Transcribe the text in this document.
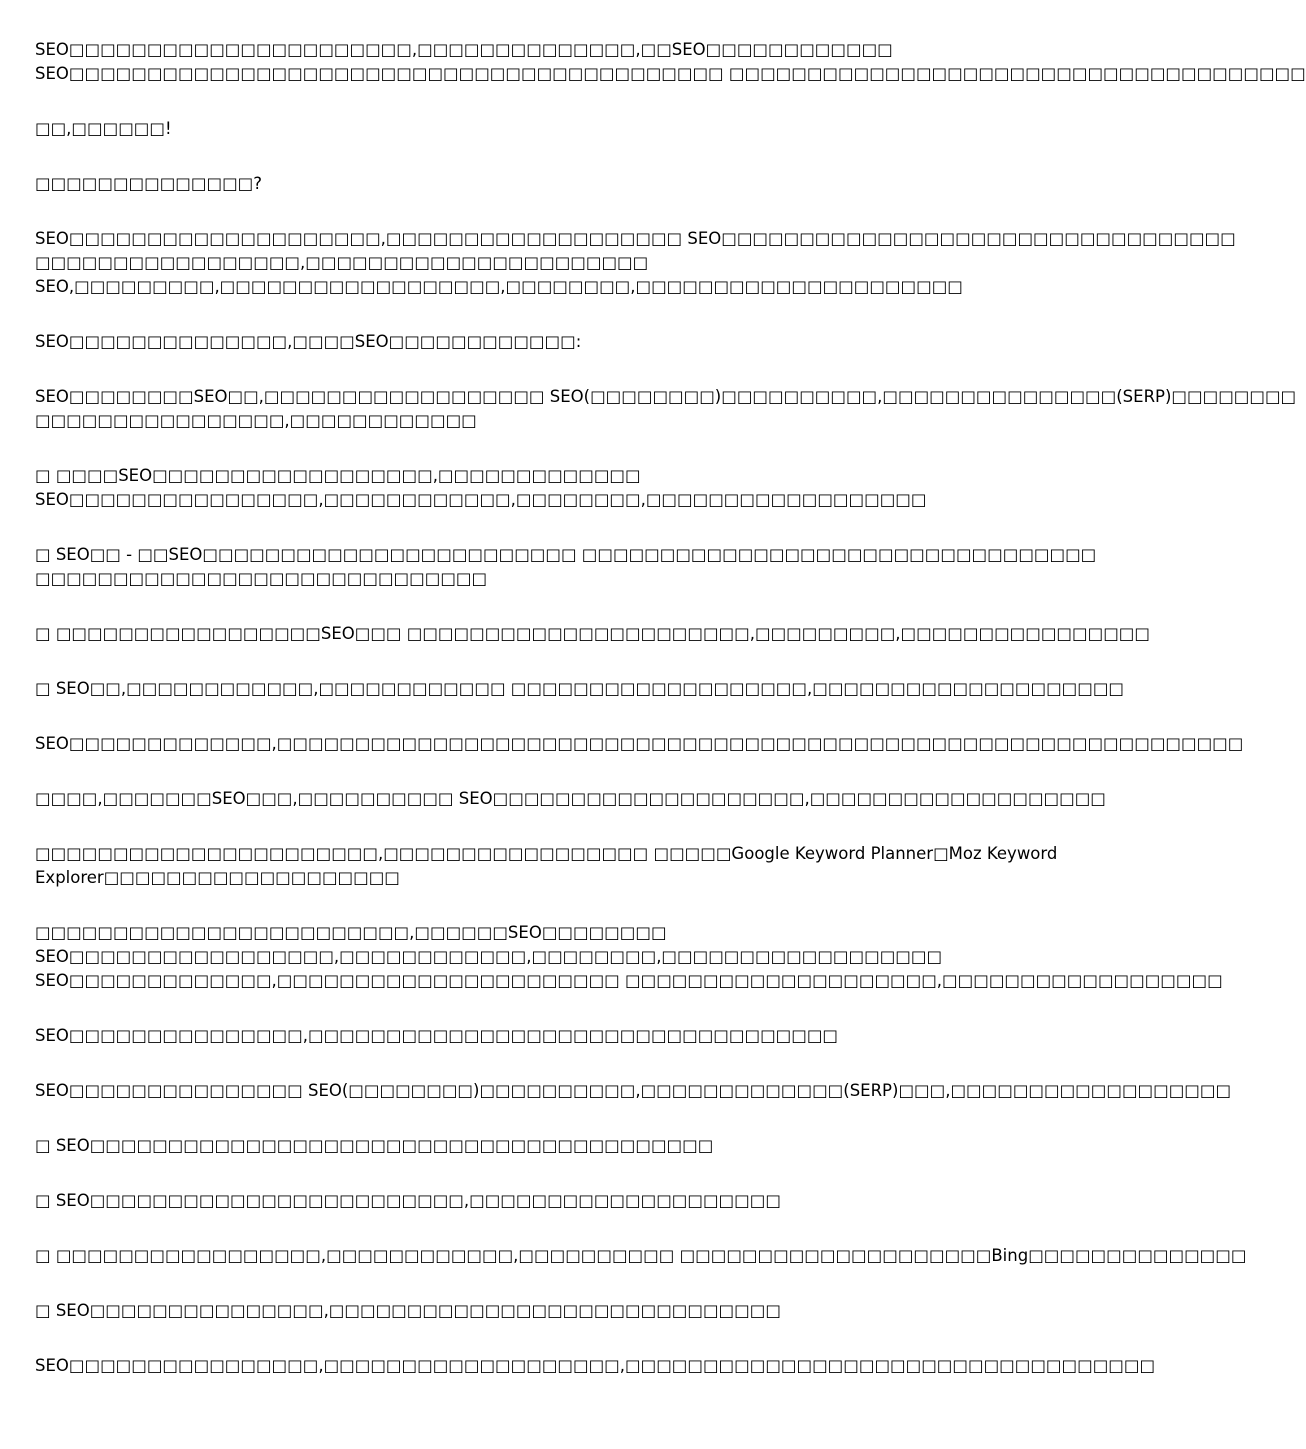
SEO□□□□□□□□□□□□□□□□□□□□□□,□□□□□□□□□□□□□□,□□SEO□□□□□□□□□□□□
SEO□□□□□□□□□□□□□□□□□□□□□□□□□□□□□□□□□□□□□□□□□□ □□□□□□□□□□□□□□□□□□□□□□□□□□□□□□□□□□□□□

□□,□□□□□□!

□□□□□□□□□□□□□□?

SEO□□□□□□□□□□□□□□□□□□□□,□□□□□□□□□□□□□□□□□□□ SEO□□□□□□□□□□□□□□□□□□□□□□□□□□□□□□□□□
□□□□□□□□□□□□□□□□□,□□□□□□□□□□□□□□□□□□□□□□
SEO,□□□□□□□□□,□□□□□□□□□□□□□□□□□□,□□□□□□□□,□□□□□□□□□□□□□□□□□□□□□

SEO□□□□□□□□□□□□□□,□□□□SEO□□□□□□□□□□□□:

SEO□□□□□□□□SEO□□,□□□□□□□□□□□□□□□□□□ SEO(□□□□□□□□)□□□□□□□□□□,□□□□□□□□□□□□□□□(SERP)□□□□□□□□
□□□□□□□□□□□□□□□□,□□□□□□□□□□□□

□ □□□□SEO□□□□□□□□□□□□□□□□□□,□□□□□□□□□□□□□
SEO□□□□□□□□□□□□□□□□,□□□□□□□□□□□□,□□□□□□□□,□□□□□□□□□□□□□□□□□□

□ SEO□□ - □□SEO□□□□□□□□□□□□□□□□□□□□□□□□ □□□□□□□□□□□□□□□□□□□□□□□□□□□□□□□□□
□□□□□□□□□□□□□□□□□□□□□□□□□□□□□

□ □□□□□□□□□□□□□□□□□SEO□□□ □□□□□□□□□□□□□□□□□□□□□□,□□□□□□□□□,□□□□□□□□□□□□□□□□

□ SEO□□,□□□□□□□□□□□□,□□□□□□□□□□□□ □□□□□□□□□□□□□□□□□□□,□□□□□□□□□□□□□□□□□□□□

SEO□□□□□□□□□□□□□,□□□□□□□□□□□□□□□□□□□□□□□□□□□□□□□□□□□□□□□□□□□□□□□□□□□□□□□□□□□□□□

□□□□,□□□□□□□SEO□□□,□□□□□□□□□□ SEO□□□□□□□□□□□□□□□□□□□□,□□□□□□□□□□□□□□□□□□□

□□□□□□□□□□□□□□□□□□□□□□,□□□□□□□□□□□□□□□□□ □□□□□Google Keyword Planner□Moz Keyword
Explorer□□□□□□□□□□□□□□□□□□□

□□□□□□□□□□□□□□□□□□□□□□□□,□□□□□□SEO□□□□□□□□
SEO□□□□□□□□□□□□□□□□□,□□□□□□□□□□□□,□□□□□□□□,□□□□□□□□□□□□□□□□□□
SEO□□□□□□□□□□□□□,□□□□□□□□□□□□□□□□□□□□□□ □□□□□□□□□□□□□□□□□□□□,□□□□□□□□□□□□□□□□□□

SEO□□□□□□□□□□□□□□□,□□□□□□□□□□□□□□□□□□□□□□□□□□□□□□□□□□

SEO□□□□□□□□□□□□□□□ SEO(□□□□□□□□)□□□□□□□□□□,□□□□□□□□□□□□□(SERP)□□□,□□□□□□□□□□□□□□□□□□

□ SEO□□□□□□□□□□□□□□□□□□□□□□□□□□□□□□□□□□□□□□□□

□ SEO□□□□□□□□□□□□□□□□□□□□□□□□,□□□□□□□□□□□□□□□□□□□□

□ □□□□□□□□□□□□□□□□□,□□□□□□□□□□□□,□□□□□□□□□□ □□□□□□□□□□□□□□□□□□□□Bing□□□□□□□□□□□□□□

□ SEO□□□□□□□□□□□□□□□,□□□□□□□□□□□□□□□□□□□□□□□□□□□□□

SEO□□□□□□□□□□□□□□□□,□□□□□□□□□□□□□□□□□□□,□□□□□□□□□□□□□□□□□□□□□□□□□□□□□□□□□□
